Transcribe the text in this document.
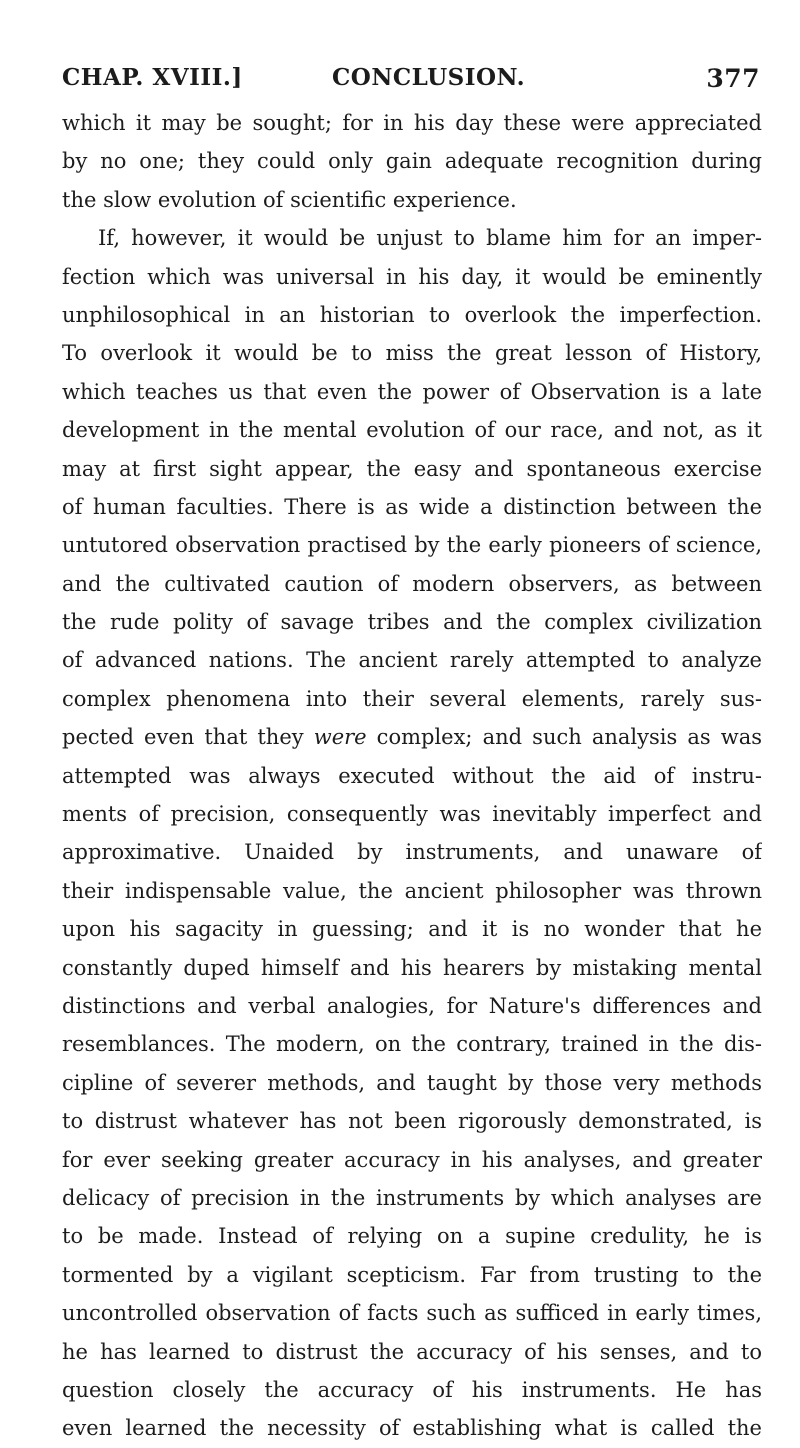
CHAP. XVIII.]	CONCLUSION.	377
which it may be sought; for in his day these were appreciated
by no one; they could only gain adequate recognition during
the slow evolution of scientific experience.
If, however, it would be unjust to blame him for an imper-
fection which was universal in his day, it would be eminently
unphilosophical in an historian to overlook the imperfection.
To overlook it would be to miss the great lesson of History,
which teaches us that even the power of Observation is a late
development in the mental evolution of our race, and not, as it
may at first sight appear, the easy and spontaneous exercise
of human faculties. There is as wide a distinction between the
untutored observation practised by the early pioneers of science,
and the cultivated caution of modern observers, as between
the rude polity of savage tribes and the complex civilization
of advanced nations. The ancient rarely attempted to analyze
complex phenomena into their several elements, rarely sus-
pected even that they were complex; and such analysis as was
attempted was always executed without the aid of instru-
ments of precision, consequently was inevitably imperfect and
approximative. Unaided by instruments, and unaware of
their indispensable value, the ancient philosopher was thrown
upon his sagacity in guessing; and it is no wonder that he
constantly duped himself and his hearers by mistaking mental
distinctions and verbal analogies, for Nature's differences and
resemblances. The modern, on the contrary, trained in the dis-
cipline of severer methods, and taught by those very methods
to distrust whatever has not been rigorously demonstrated, is
for ever seeking greater accuracy in his analyses, and greater
delicacy of precision in the instruments by which analyses are
to be made. Instead of relying on a supine credulity, he is
tormented by a vigilant scepticism. Far from trusting to the
uncontrolled observation of facts such as sufficed in early times,
he has learned to distrust the accuracy of his senses, and to
question closely the accuracy of his instruments. He has
even learned the necessity of establishing what is called the
